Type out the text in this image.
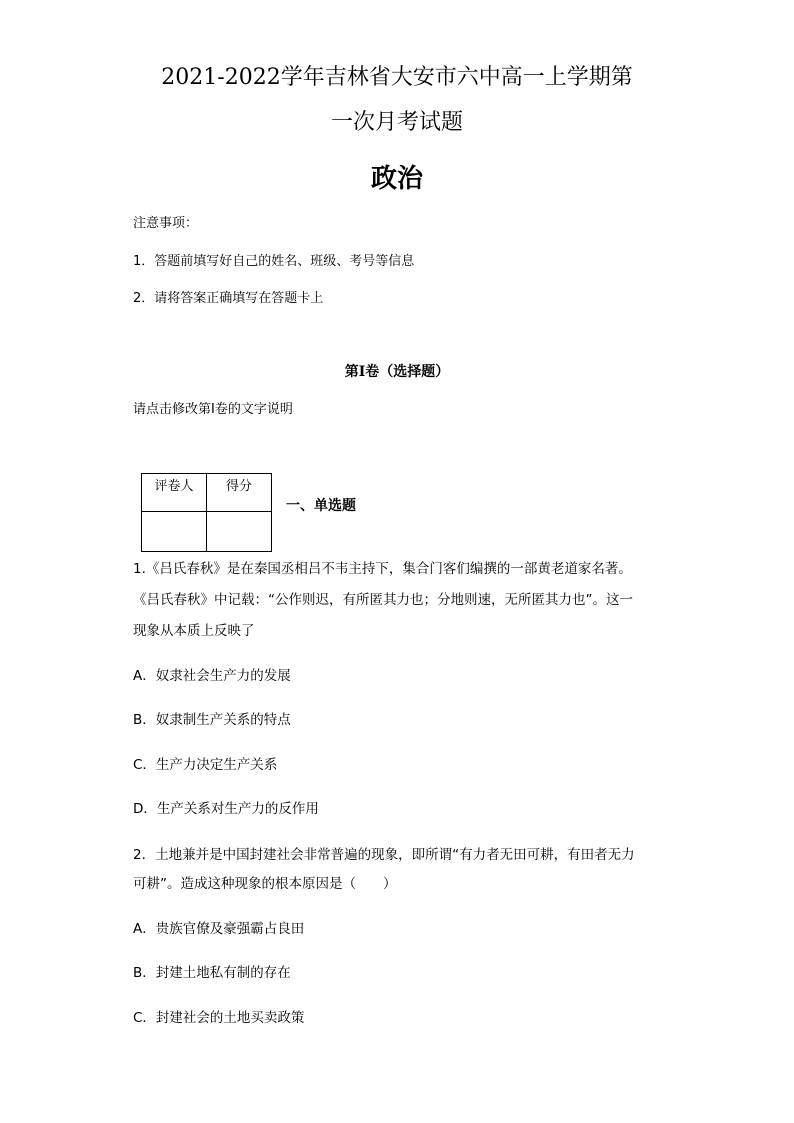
2021-2022学年吉林省大安市六中高一上学期第
一次月考试题
政治
注意事项：
1．答题前填写好自己的姓名、班级、考号等信息
2．请将答案正确填写在答题卡上
第I卷（选择题）
请点击修改第I卷的文字说明
评卷人	得分

一、单选题
1.《吕氏春秋》是在秦国丞相吕不韦主持下，集合门客们编撰的一部黄老道家名著。
《吕氏春秋》中记载：“公作则迟，有所匿其力也；分地则速，无所匿其力也”。这一
现象从本质上反映了
A．奴隶社会生产力的发展
B．奴隶制生产关系的特点
C．生产力决定生产关系
D．生产关系对生产力的反作用
2．土地兼并是中国封建社会非常普遍的现象，即所谓“有力者无田可耕，有田者无力
可耕”。造成这种现象的根本原因是（　　）
A．贵族官僚及豪强霸占良田
B．封建土地私有制的存在
C．封建社会的土地买卖政策
